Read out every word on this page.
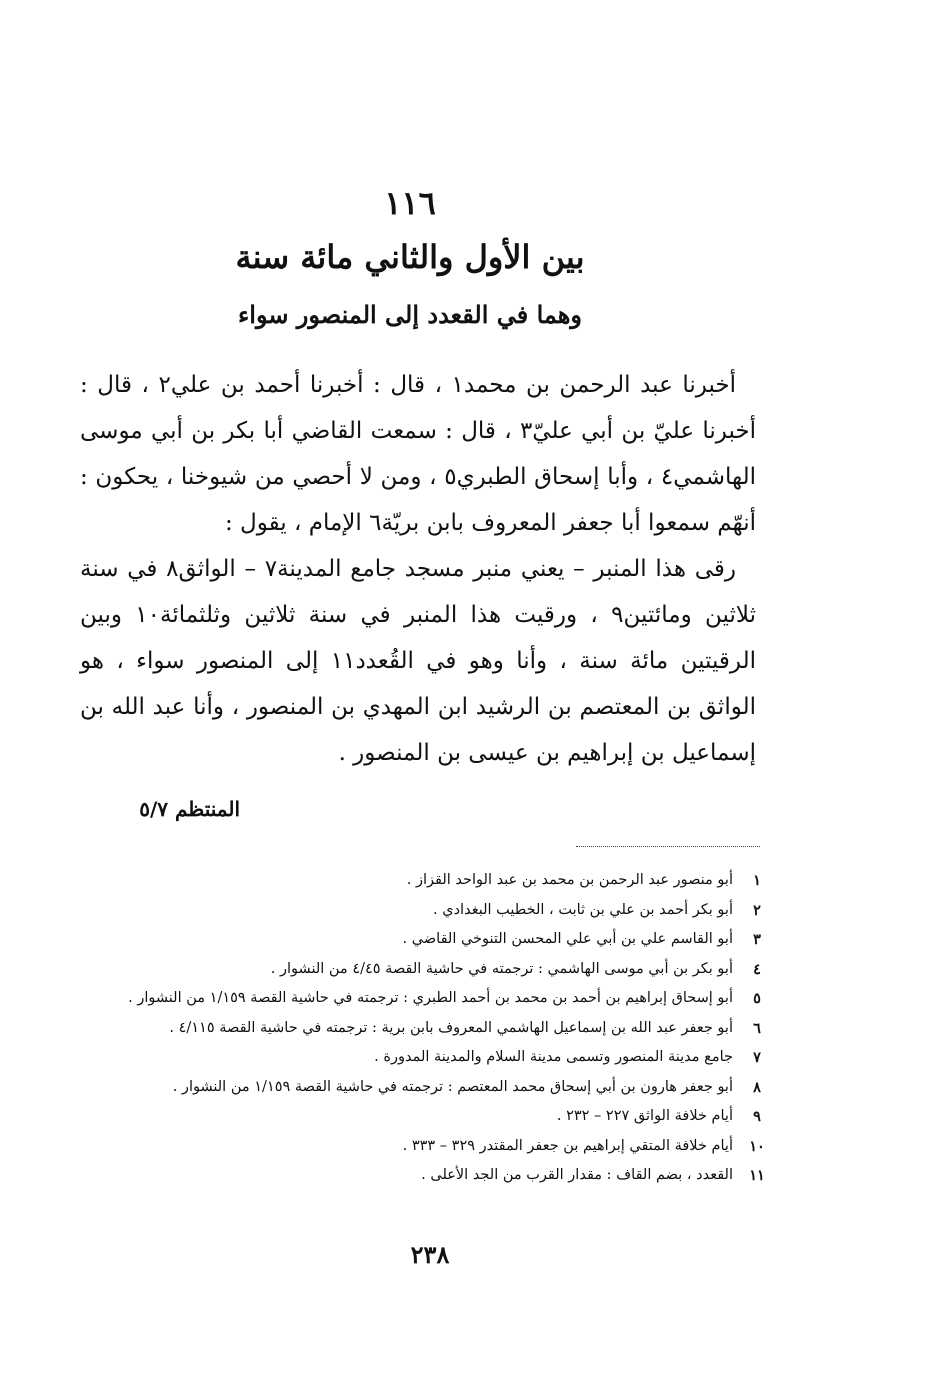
١١٦
بين الأول والثاني مائة سنة
وهما في القعدد إلى المنصور سواء

أخبرنا عبد الرحمن بن محمد١ ، قال : أخبرنا أحمد بن علي٢ ، قال : أخبرنا عليّ بن أبي عليّ٣ ، قال : سمعت القاضي أبا بكر بن أبي موسى الهاشمي٤ ، وأبا إسحاق الطبري٥ ، ومن لا أحصي من شيوخنا ، يحكون : أنهّم سمعوا أبا جعفر المعروف بابن بريّة٦ الإمام ، يقول :

رقى هذا المنبر – يعني منبر مسجد جامع المدينة٧ – الواثق٨ في سنة ثلاثين ومائتين٩ ، ورقيت هذا المنبر في سنة ثلاثين وثلثمائة١٠ وبين الرقيتين مائة سنة ، وأنا وهو في القُعدد١١ إلى المنصور سواء ، هو الواثق بن المعتصم بن الرشيد ابن المهدي بن المنصور ، وأنا عبد الله بن إسماعيل بن إبراهيم بن عيسى بن المنصور .

المنتظم ٥/٧
١
أبو منصور عبد الرحمن بن محمد بن عبد الواحد القزاز .
٢
أبو بكر أحمد بن علي بن ثابت ، الخطيب البغدادي .
٣
أبو القاسم علي بن أبي علي المحسن التنوخي القاضي .
٤
أبو بكر بن أبي موسى الهاشمي : ترجمته في حاشية القصة ٤/٤٥ من النشوار .
٥
أبو إسحاق إبراهيم بن أحمد بن محمد بن أحمد الطبري : ترجمته في حاشية القصة ١/١٥٩ من النشوار .
٦
أبو جعفر عبد الله بن إسماعيل الهاشمي المعروف بابن برية : ترجمته في حاشية القصة ٤/١١٥ .
٧
جامع مدينة المنصور وتسمى مدينة السلام والمدينة المدورة .
٨
أبو جعفر هارون بن أبي إسحاق محمد المعتصم : ترجمته في حاشية القصة ١/١٥٩ من النشوار .
٩
أيام خلافة الواثق ٢٢٧ – ٢٣٢ .
١٠
أيام خلافة المتقي إبراهيم بن جعفر المقتدر ٣٢٩ – ٣٣٣ .
١١
القعدد ، بضم القاف : مقدار القرب من الجد الأعلى .
٢٣٨
